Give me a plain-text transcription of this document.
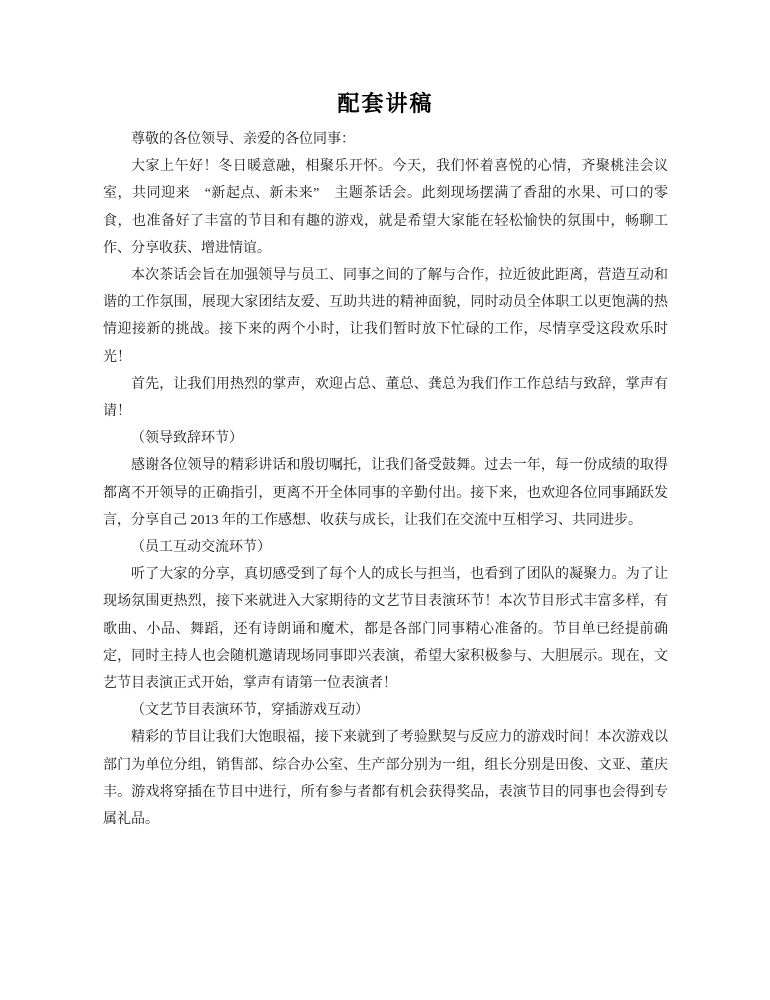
配套讲稿

尊敬的各位领导、亲爱的各位同事：

大家上午好！冬日暖意融，相聚乐开怀。今天，我们怀着喜悦的心情，齐聚桃洼会议室，共同迎来　“新起点、新未来”　主题茶话会。此刻现场摆满了香甜的水果、可口的零食，也准备好了丰富的节目和有趣的游戏，就是希望大家能在轻松愉快的氛围中，畅聊工作、分享收获、增进情谊。

本次茶话会旨在加强领导与员工、同事之间的了解与合作，拉近彼此距离，营造互动和谐的工作氛围，展现大家团结友爱、互助共进的精神面貌，同时动员全体职工以更饱满的热情迎接新的挑战。接下来的两个小时，让我们暂时放下忙碌的工作，尽情享受这段欢乐时光！

首先，让我们用热烈的掌声，欢迎占总、董总、龚总为我们作工作总结与致辞，掌声有请！

（领导致辞环节）

感谢各位领导的精彩讲话和殷切嘱托，让我们备受鼓舞。过去一年，每一份成绩的取得都离不开领导的正确指引，更离不开全体同事的辛勤付出。接下来，也欢迎各位同事踊跃发言，分享自己 2013 年的工作感想、收获与成长，让我们在交流中互相学习、共同进步。

（员工互动交流环节）

听了大家的分享，真切感受到了每个人的成长与担当，也看到了团队的凝聚力。为了让现场氛围更热烈，接下来就进入大家期待的文艺节目表演环节！本次节目形式丰富多样，有歌曲、小品、舞蹈，还有诗朗诵和魔术，都是各部门同事精心准备的。节目单已经提前确定，同时主持人也会随机邀请现场同事即兴表演，希望大家积极参与、大胆展示。现在，文艺节目表演正式开始，掌声有请第一位表演者！

（文艺节目表演环节，穿插游戏互动）

精彩的节目让我们大饱眼福，接下来就到了考验默契与反应力的游戏时间！本次游戏以部门为单位分组，销售部、综合办公室、生产部分别为一组，组长分别是田俊、文亚、董庆丰。游戏将穿插在节目中进行，所有参与者都有机会获得奖品，表演节目的同事也会得到专属礼品。
